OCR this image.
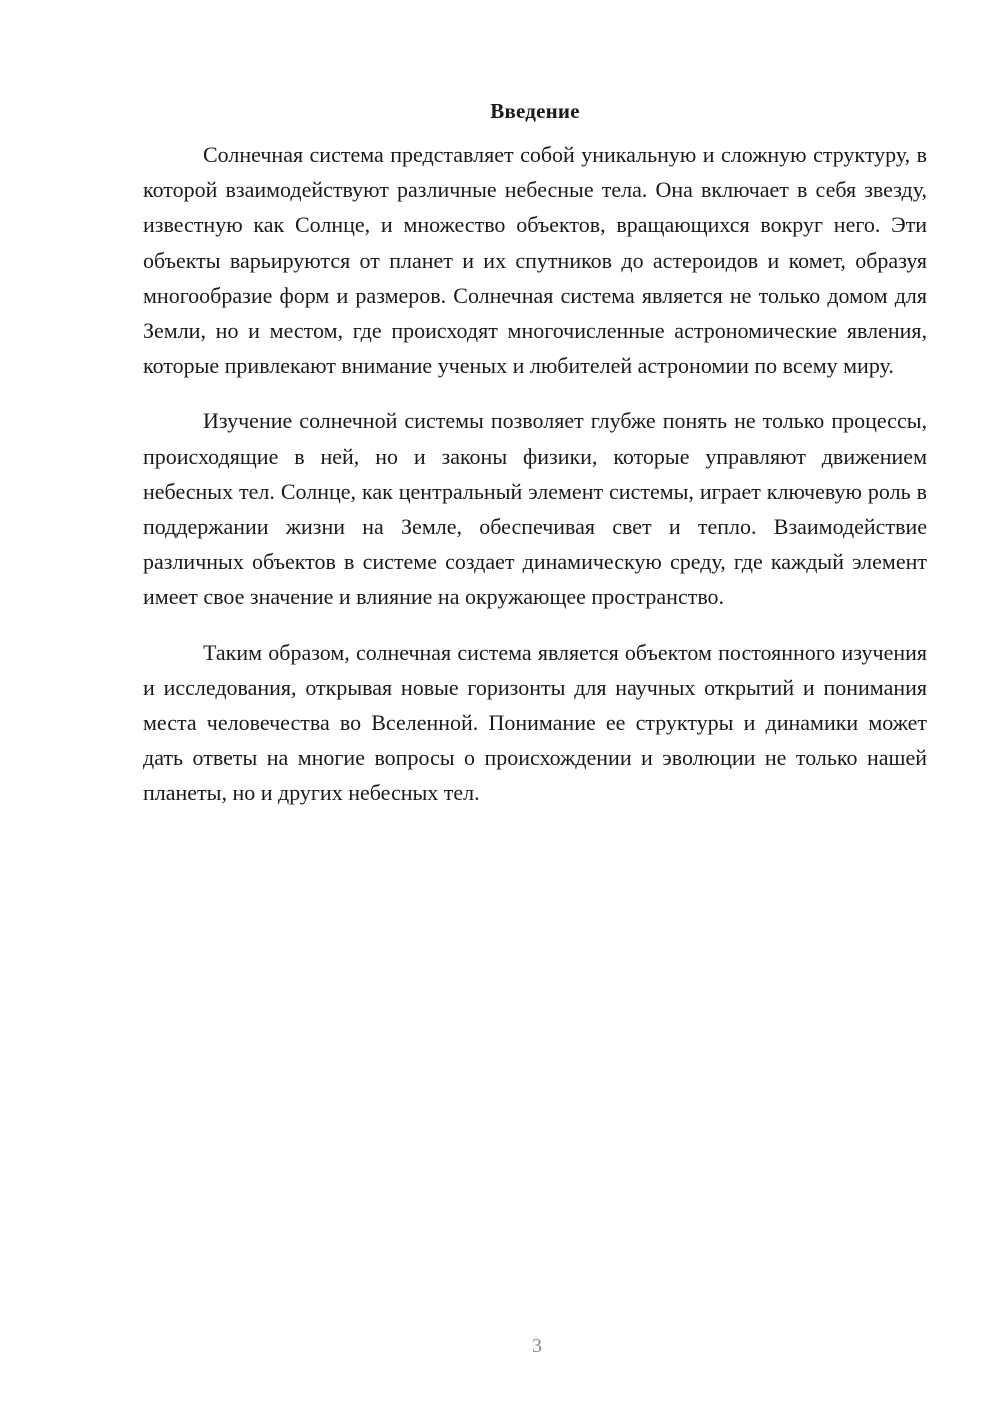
Введение

Солнечная система представляет собой уникальную и сложную структуру, в которой взаимодействуют различные небесные тела. Она включает в себя звезду, известную как Солнце, и множество объектов, вращающихся вокруг него. Эти объекты варьируются от планет и их спутников до астероидов и комет, образуя многообразие форм и размеров. Солнечная система является не только домом для Земли, но и местом, где происходят многочисленные астрономические явления, которые привлекают внимание ученых и любителей астрономии по всему миру.

Изучение солнечной системы позволяет глубже понять не только процессы, происходящие в ней, но и законы физики, которые управляют движением небесных тел. Солнце, как центральный элемент системы, играет ключевую роль в поддержании жизни на Земле, обеспечивая свет и тепло. Взаимодействие различных объектов в системе создает динамическую среду, где каждый элемент имеет свое значение и влияние на окружающее пространство.

Таким образом, солнечная система является объектом постоянного изучения и исследования, открывая новые горизонты для научных открытий и понимания места человечества во Вселенной. Понимание ее структуры и динамики может дать ответы на многие вопросы о происхождении и эволюции не только нашей планеты, но и других небесных тел.

3
